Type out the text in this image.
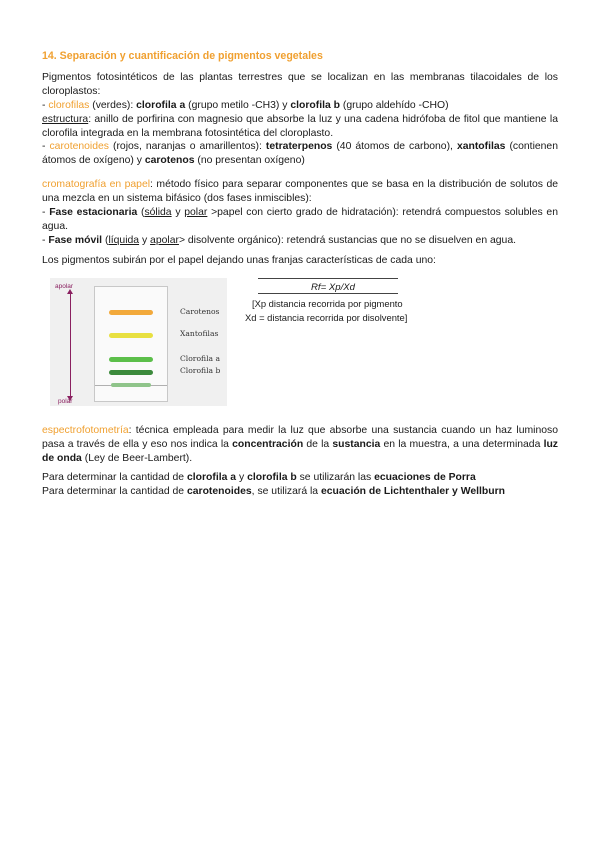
14. Separación y cuantificación de pigmentos vegetales

Pigmentos fotosintéticos de las plantas terrestres que se localizan en las membranas tilacoidales de los cloroplastos:

- clorofilas (verdes): clorofila a (grupo metilo -CH3) y clorofila b (grupo aldehído -CHO)

estructura: anillo de porfirina con magnesio que absorbe la luz y una cadena hidrófoba de fitol que mantiene la clorofila integrada en la membrana fotosintética del cloroplasto.

- carotenoides (rojos, naranjas o amarillentos): tetraterpenos (40 átomos de carbono), xantofilas (contienen átomos de oxígeno) y carotenos (no presentan oxígeno)

cromatografía en papel: método físico para separar componentes que se basa en la distribución de solutos de una mezcla en un sistema bifásico (dos fases inmiscibles):

- Fase estacionaria (sólida y polar >papel con cierto grado de hidratación): retendrá compuestos solubles en agua.

- Fase móvil (líquida y apolar> disolvente orgánico): retendrá sustancias que no se disuelven en agua.

Los pigmentos subirán por el papel dejando unas franjas características de cada uno:

apolar
polar
Carotenos
Xantofilas
Clorofila a
Clorofila b
Rf= Xp/Xd
[Xp distancia recorrida por pigmento
Xd = distancia recorrida por disolvente]

espectrofotometría: técnica empleada para medir la luz que absorbe una sustancia cuando un haz luminoso pasa a través de ella y eso nos indica la concentración de la sustancia en la muestra, a una determinada luz de onda (Ley de Beer-Lambert).

Para determinar la cantidad de clorofila a y clorofila b se utilizarán las ecuaciones de Porra

Para determinar la cantidad de carotenoides, se utilizará la ecuación de Lichtenthaler y Wellburn
